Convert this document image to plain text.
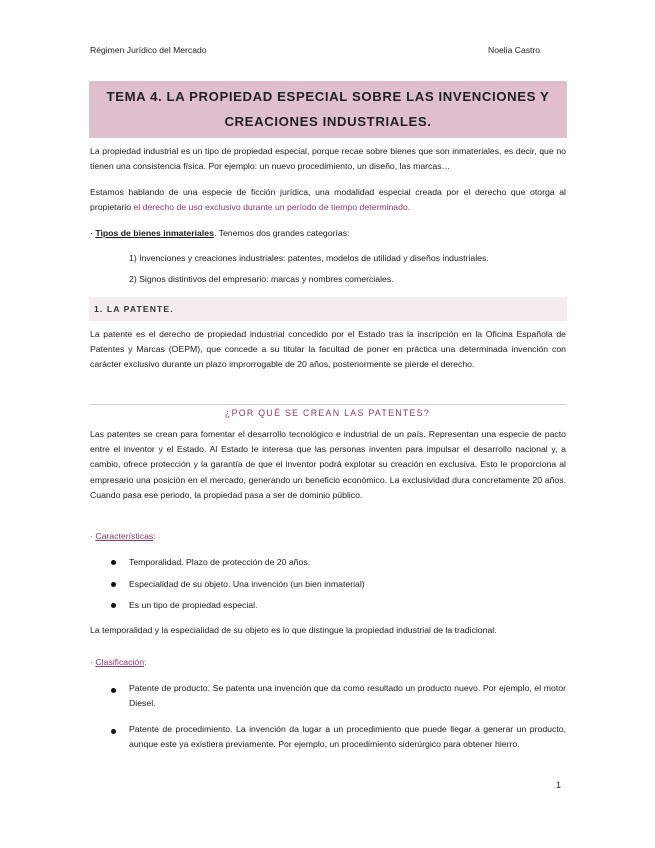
Régimen Jurídico del Mercado	Noelia Castro
TEMA 4. LA PROPIEDAD ESPECIAL SOBRE LAS INVENCIONES Y
CREACIONES INDUSTRIALES.
La propiedad industrial es un tipo de propiedad especial, porque recae sobre bienes que son inmateriales, es decir, que no tienen una consistencia física. Por ejemplo: un nuevo procedimiento, un diseño, las marcas…
Estamos hablando de una especie de ficción jurídica, una modalidad especial creada por el derecho que otorga al propietario el derecho de uso exclusivo durante un período de tiempo determinado.
· Tipos de bienes inmateriales. Tenemos dos grandes categorías:
1) Invenciones y creaciones industriales: patentes, modelos de utilidad y diseños industriales.
2) Signos distintivos del empresario: marcas y nombres comerciales.
1. LA PATENTE.
La patente es el derecho de propiedad industrial concedido por el Estado tras la inscripción en la Oficina Española de Patentes y Marcas (OEPM), que concede a su titular la facultad de poner en práctica una determinada invención con carácter exclusivo durante un plazo improrrogable de 20 años, posteriormente se pierde el derecho.
¿POR QUÉ SE CREAN LAS PATENTES?
Las patentes se crean para fomentar el desarrollo tecnológico e industrial de un país. Representan una especie de pacto entre el inventor y el Estado. Al Estado le interesa que las personas inventen para impulsar el desarrollo nacional y, a cambio, ofrece protección y la garantía de que el inventor podrá explotar su creación en exclusiva. Esto le proporciona al empresario una posición en el mercado, generando un beneficio económico. La exclusividad dura concretamente 20 años. Cuando pasa ese periodo, la propiedad pasa a ser de dominio público.
· Características:
Temporalidad. Plazo de protección de 20 años.
Especialidad de su objeto. Una invención (un bien inmaterial)
Es un tipo de propiedad especial.
La temporalidad y la especialidad de su objeto es lo que distingue la propiedad industrial de la tradicional.
· Clasificación:
Patente de producto. Se patenta una invención que da como resultado un producto nuevo. Por ejemplo, el motor Diesel.
Patente de procedimiento. La invención da lugar a un procedimiento que puede llegar a generar un producto, aunque este ya existiera previamente. Por ejemplo, un procedimiento siderúrgico para obtener hierro.
1
